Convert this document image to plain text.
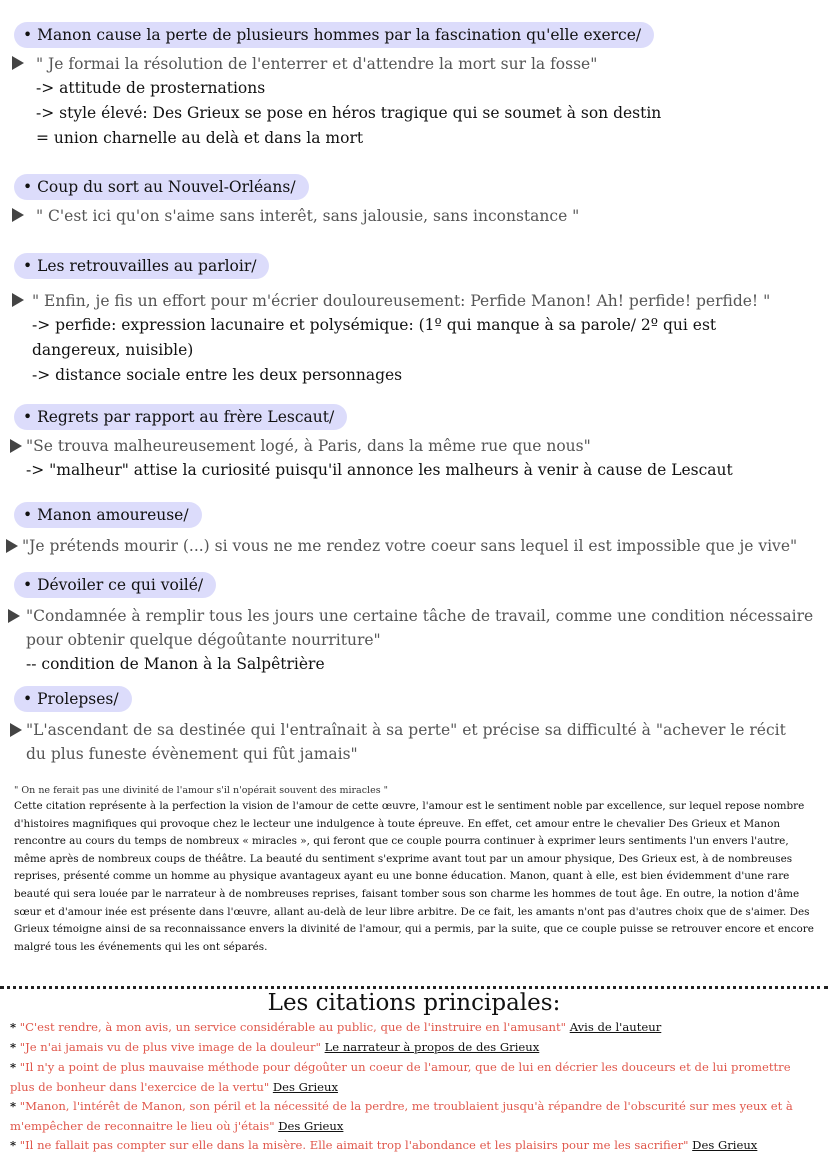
• Manon cause la perte de plusieurs hommes par la fascination qu'elle exerce/
" Je formai la résolution de l'enterrer et d'attendre la mort sur la fosse"
-> attitude de prosternations
-> style élevé: Des Grieux se pose en héros tragique qui se soumet à son destin
= union charnelle au delà et dans la mort
• Coup du sort au Nouvel-Orléans/
" C'est ici qu'on s'aime sans interêt, sans jalousie, sans inconstance "
• Les retrouvailles au parloir/
" Enfin, je fis un effort pour m'écrier douloureusement: Perfide Manon! Ah! perfide! perfide! "
-> perfide: expression lacunaire et polysémique: (1º qui manque à sa parole/ 2º qui est dangereux, nuisible)
-> distance sociale entre les deux personnages
• Regrets par rapport au frère Lescaut/
"Se trouva malheureusement logé, à Paris, dans la même rue que nous"
-> "malheur" attise la curiosité puisqu'il annonce les malheurs à venir à cause de Lescaut
• Manon amoureuse/
"Je prétends mourir (...) si vous ne me rendez votre coeur sans lequel il est impossible que je vive"
• Dévoiler ce qui voilé/
"Condamnée à remplir tous les jours une certaine tâche de travail, comme une condition nécessaire pour obtenir quelque dégoûtante nourriture"
-- condition de Manon à la Salpêtrière
• Prolepses/
"L'ascendant de sa destinée qui l'entraînait à sa perte" et précise sa difficulté à "achever le récit du plus funeste évènement qui fût jamais"
" On ne ferait pas une divinité de l'amour s'il n'opérait souvent des miracles "
Cette citation représente à la perfection la vision de l'amour de cette œuvre, l'amour est le sentiment noble par excellence, sur lequel repose nombre d'histoires magnifiques qui provoque chez le lecteur une indulgence à toute épreuve. En effet, cet amour entre le chevalier Des Grieux et Manon rencontre au cours du temps de nombreux « miracles », qui feront que ce couple pourra continuer à exprimer leurs sentiments l'un envers l'autre, même après de nombreux coups de théâtre. La beauté du sentiment s'exprime avant tout par un amour physique, Des Grieux est, à de nombreuses reprises, présenté comme un homme au physique avantageux ayant eu une bonne éducation. Manon, quant à elle, est bien évidemment d'une rare beauté qui sera louée par le narrateur à de nombreuses reprises, faisant tomber sous son charme les hommes de tout âge. En outre, la notion d'âme sœur et d'amour inée est présente dans l'œuvre, allant au-delà de leur libre arbitre. De ce fait, les amants n'ont pas d'autres choix que de s'aimer. Des Grieux témoigne ainsi de sa reconnaissance envers la divinité de l'amour, qui a permis, par la suite, que ce couple puisse se retrouver encore et encore malgré tous les événements qui les ont séparés.
Les citations principales:
* "C'est rendre, à mon avis, un service considérable au public, que de l'instruire en l'amusant" Avis de l'auteur
* "Je n'ai jamais vu de plus vive image de la douleur" Le narrateur à propos de des Grieux
* "Il n'y a point de plus mauvaise méthode pour dégoûter un coeur de l'amour, que de lui en décrier les douceurs et de lui promettre plus de bonheur dans l'exercice de la vertu" Des Grieux
* "Manon, l'intérêt de Manon, son péril et la nécessité de la perdre, me troublaient jusqu'à répandre de l'obscurité sur mes yeux et à m'empêcher de reconnaitre le lieu où j'étais" Des Grieux
* "Il ne fallait pas compter sur elle dans la misère. Elle aimait trop l'abondance et les plaisirs pour me les sacrifier" Des Grieux
